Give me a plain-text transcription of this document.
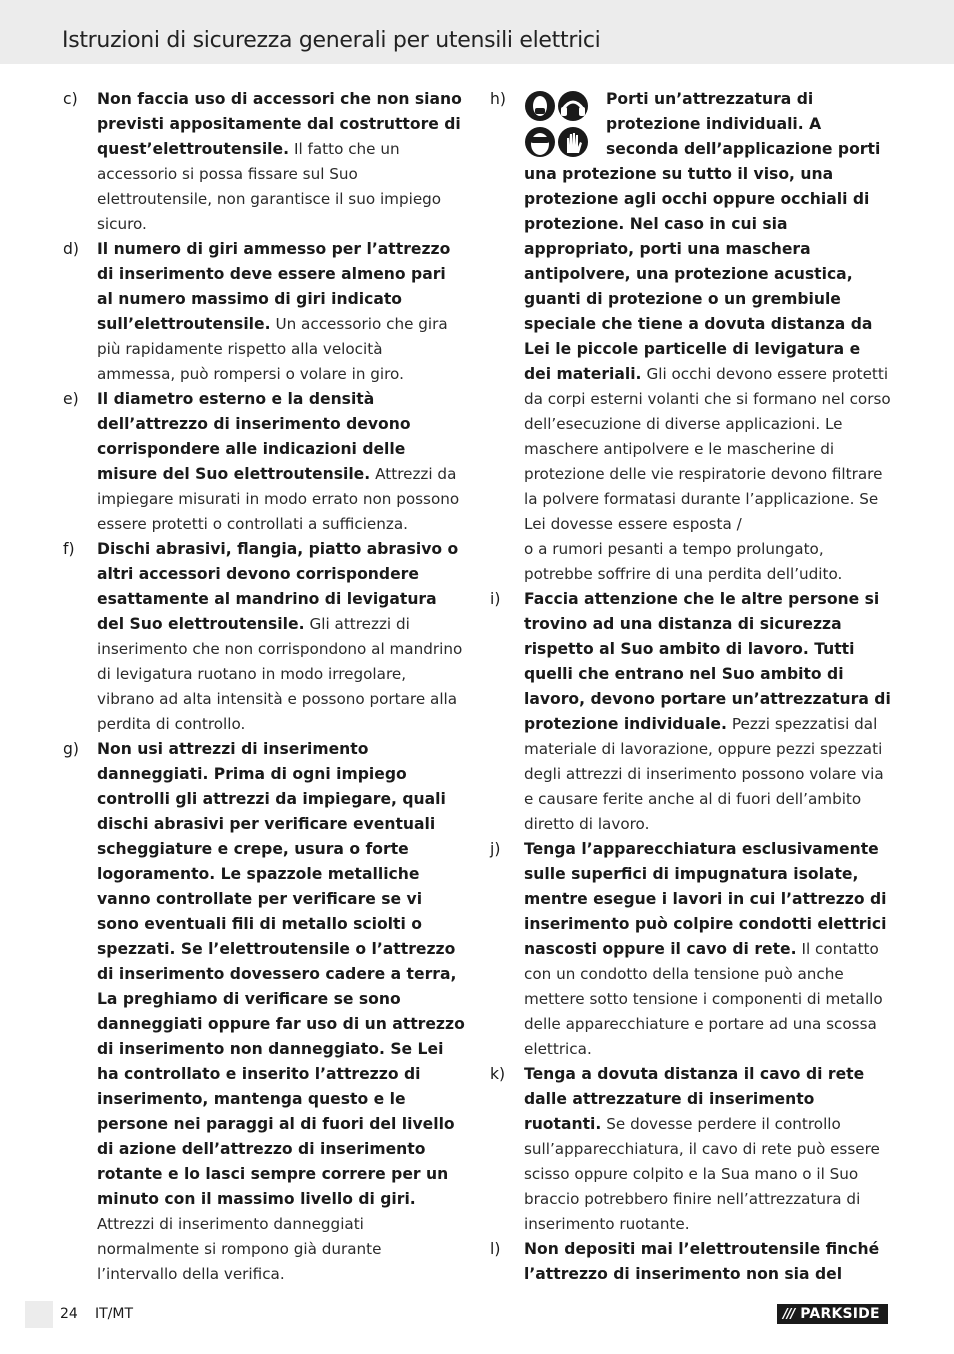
Istruzioni di sicurezza generali per utensili elettrici

c) Non faccia uso di accessori che non siano previsti appositamente dal costruttore di quest’elettroutensile. Il fatto che un accessorio si possa fissare sul Suo elettroutensile, non garantisce il suo impiego sicuro.

d) Il numero di giri ammesso per l’attrezzo di inserimento deve essere almeno pari al numero massimo di giri indicato sull’elettroutensile. Un accessorio che gira più rapidamente rispetto alla velocità ammessa, può rompersi o volare in giro.

e) Il diametro esterno e la densità dell’attrezzo di inserimento devono corrispondere alle indicazioni delle misure del Suo elettroutensile. Attrezzi da impiegare misurati in modo errato non possono essere protetti o controllati a sufficienza.

f) Dischi abrasivi, flangia, piatto abrasivo o altri accessori devono corrispondere esattamente al mandrino di levigatura del Suo elettroutensile. Gli attrezzi di inserimento che non corrispondono al mandrino di levigatura ruotano in modo irregolare, vibrano ad alta intensità e possono portare alla perdita di controllo.

g) Non usi attrezzi di inserimento danneggiati. Prima di ogni impiego controlli gli attrezzi da impiegare, quali dischi abrasivi per verificare eventuali scheggiature e crepe, usura o forte logoramento. Le spazzole metalliche vanno controllate per verificare se vi sono eventuali fili di metallo sciolti o spezzati. Se l’elettroutensile o l’attrezzo di inserimento dovessero cadere a terra, La preghiamo di verificare se sono danneggiati oppure far uso di un attrezzo di inserimento non danneggiato. Se Lei ha controllato e inserito l’attrezzo di inserimento, mantenga questo e le persone nei paraggi al di fuori del livello di azione dell’attrezzo di inserimento rotante e lo lasci sempre correre per un minuto con il massimo livello di giri. Attrezzi di inserimento danneggiati normalmente si rompono già durante l’intervallo della verifica.

h)	Porti un’attrezzatura di protezione individuali. A seconda dell’applicazione porti una protezione su tutto il viso, una protezione agli occhi oppure occhiali di protezione. Nel caso in cui sia appropriato, porti una maschera antipolvere, una protezione acustica, guanti di protezione o un grembiule speciale che tiene a dovuta distanza da Lei le piccole particelle di levigatura e dei materiali. Gli occhi devono essere protetti da corpi esterni volanti che si formano nel corso dell’esecuzione di diverse applicazioni. Le maschere antipolvere e le mascherine di protezione delle vie respiratorie devono filtrare la polvere formatasi durante l’applicazione. Se Lei dovesse essere esposta /
o a rumori pesanti a tempo prolungato, potrebbe soffrire di una perdita dell’udito.

i) Faccia attenzione che le altre persone si trovino ad una distanza di sicurezza rispetto al Suo ambito di lavoro. Tutti quelli che entrano nel Suo ambito di lavoro, devono portare un’attrezzatura di protezione individuale. Pezzi spezzatisi dal materiale di lavorazione, oppure pezzi spezzati degli attrezzi di inserimento possono volare via e causare ferite anche al di fuori dell’ambito diretto di lavoro.

j) Tenga l’apparecchiatura esclusivamente sulle superfici di impugnatura isolate, mentre esegue i lavori in cui l’attrezzo di inserimento può colpire condotti elettrici nascosti oppure il cavo di rete. Il contatto con un condotto della tensione può anche mettere sotto tensione i componenti di metallo delle apparecchiature e portare ad una scossa elettrica.

k) Tenga a dovuta distanza il cavo di rete dalle attrezzature di inserimento ruotanti. Se dovesse perdere il controllo sull’apparecchiatura, il cavo di rete può essere scisso oppure colpito e la Sua mano o il Suo braccio potrebbero finire nell’attrezzatura di inserimento ruotante.

l) Non depositi mai l’elettroutensile finché l’attrezzo di inserimento non sia del

24 IT/MT	/// PARKSIDE
